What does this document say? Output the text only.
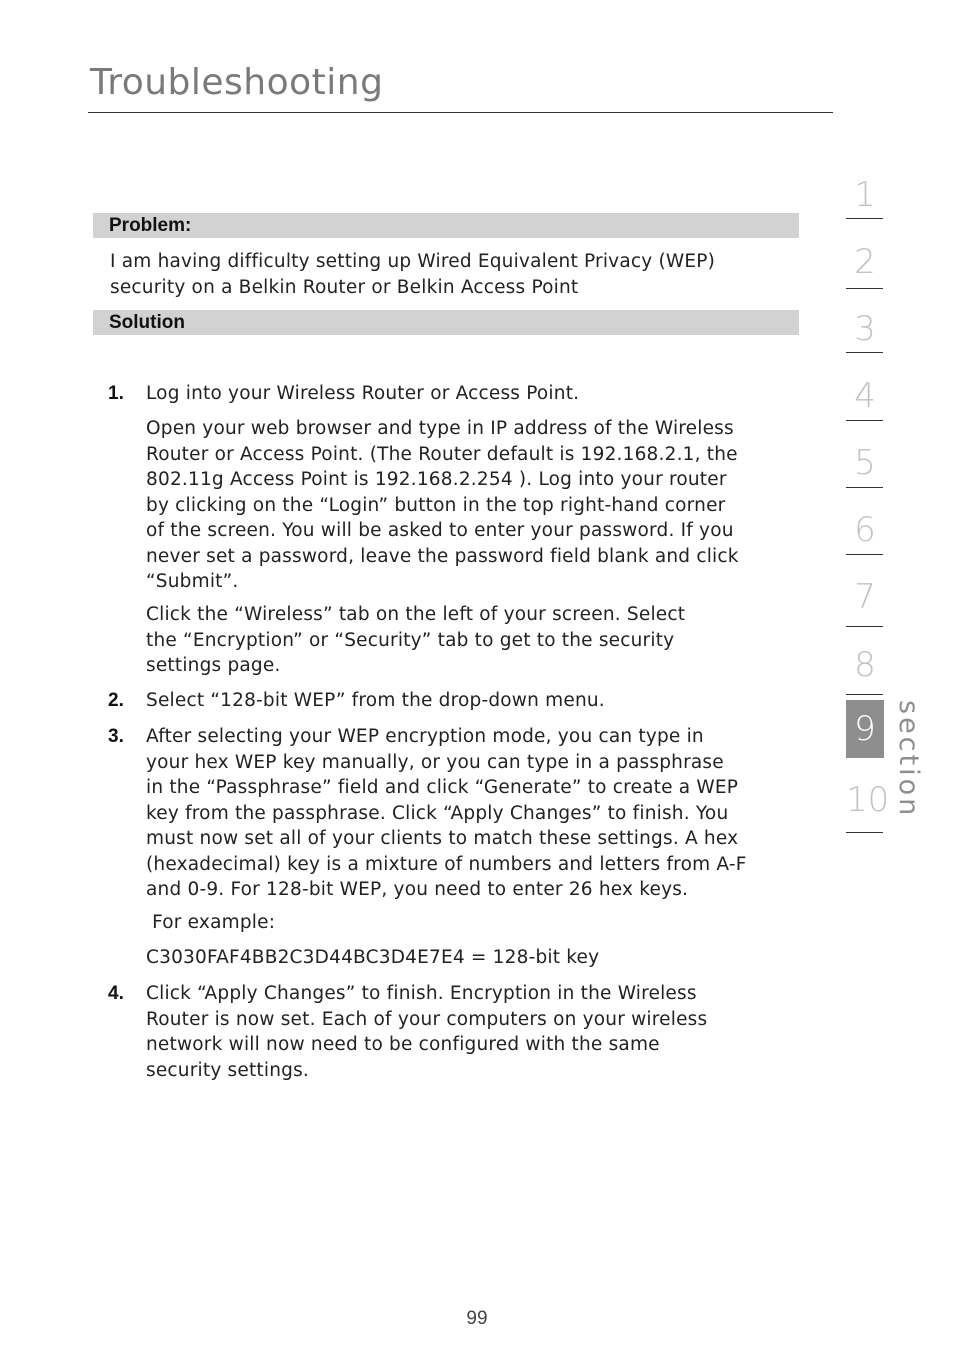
Troubleshooting
Problem:

I am having difficulty setting up Wired Equivalent Privacy (WEP)
security on a Belkin Router or Belkin Access Point

Solution
1. Log into your Wireless Router or Access Point.

Open your web browser and type in IP address of the Wireless
Router or Access Point. (The Router default is 192.168.2.1, the
802.11g Access Point is 192.168.2.254 ). Log into your router
by clicking on the “Login” button in the top right-hand corner
of the screen. You will be asked to enter your password. If you
never set a password, leave the password field blank and click
“Submit”.

Click the “Wireless” tab on the left of your screen. Select
the “Encryption” or “Security” tab to get to the security
settings page.

2. Select “128-bit WEP” from the drop-down menu.

3. After selecting your WEP encryption mode, you can type in
your hex WEP key manually, or you can type in a passphrase
in the “Passphrase” field and click “Generate” to create a WEP
key from the passphrase. Click “Apply Changes” to finish. You
must now set all of your clients to match these settings. A hex
(hexadecimal) key is a mixture of numbers and letters from A-F
and 0-9. For 128-bit WEP, you need to enter 26 hex keys.

For example:

C3030FAF4BB2C3D44BC3D4E7E4 = 128-bit key

4. Click “Apply Changes” to finish. Encryption in the Wireless
Router is now set. Each of your computers on your wireless
network will now need to be configured with the same
security settings.

1
2
3
4
5
6
7
8
9
10 section
99
